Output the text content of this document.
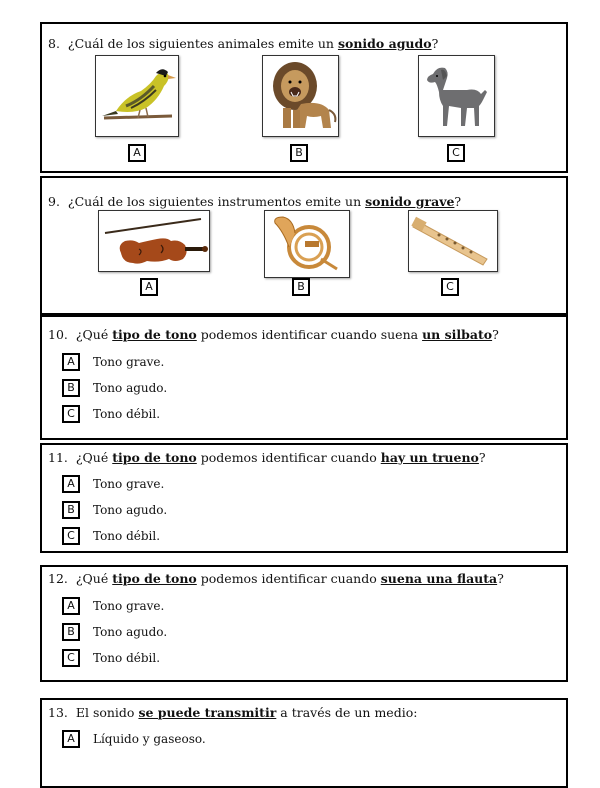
8. ¿Cuál de los siguientes animales emite un sonido agudo?
A	B	C
9. ¿Cuál de los siguientes instrumentos emite un sonido grave?
A	B	C
10. ¿Qué tipo de tono podemos identificar cuando suena un silbato?
A	Tono grave.
B	Tono agudo.
C	Tono débil.
11. ¿Qué tipo de tono podemos identificar cuando hay un trueno?
A	Tono grave.
B	Tono agudo.
C	Tono débil.
12. ¿Qué tipo de tono podemos identificar cuando suena una flauta?
A	Tono grave.
B	Tono agudo.
C	Tono débil.
13. El sonido se puede transmitir a través de un medio:
A	Líquido y gaseoso.
